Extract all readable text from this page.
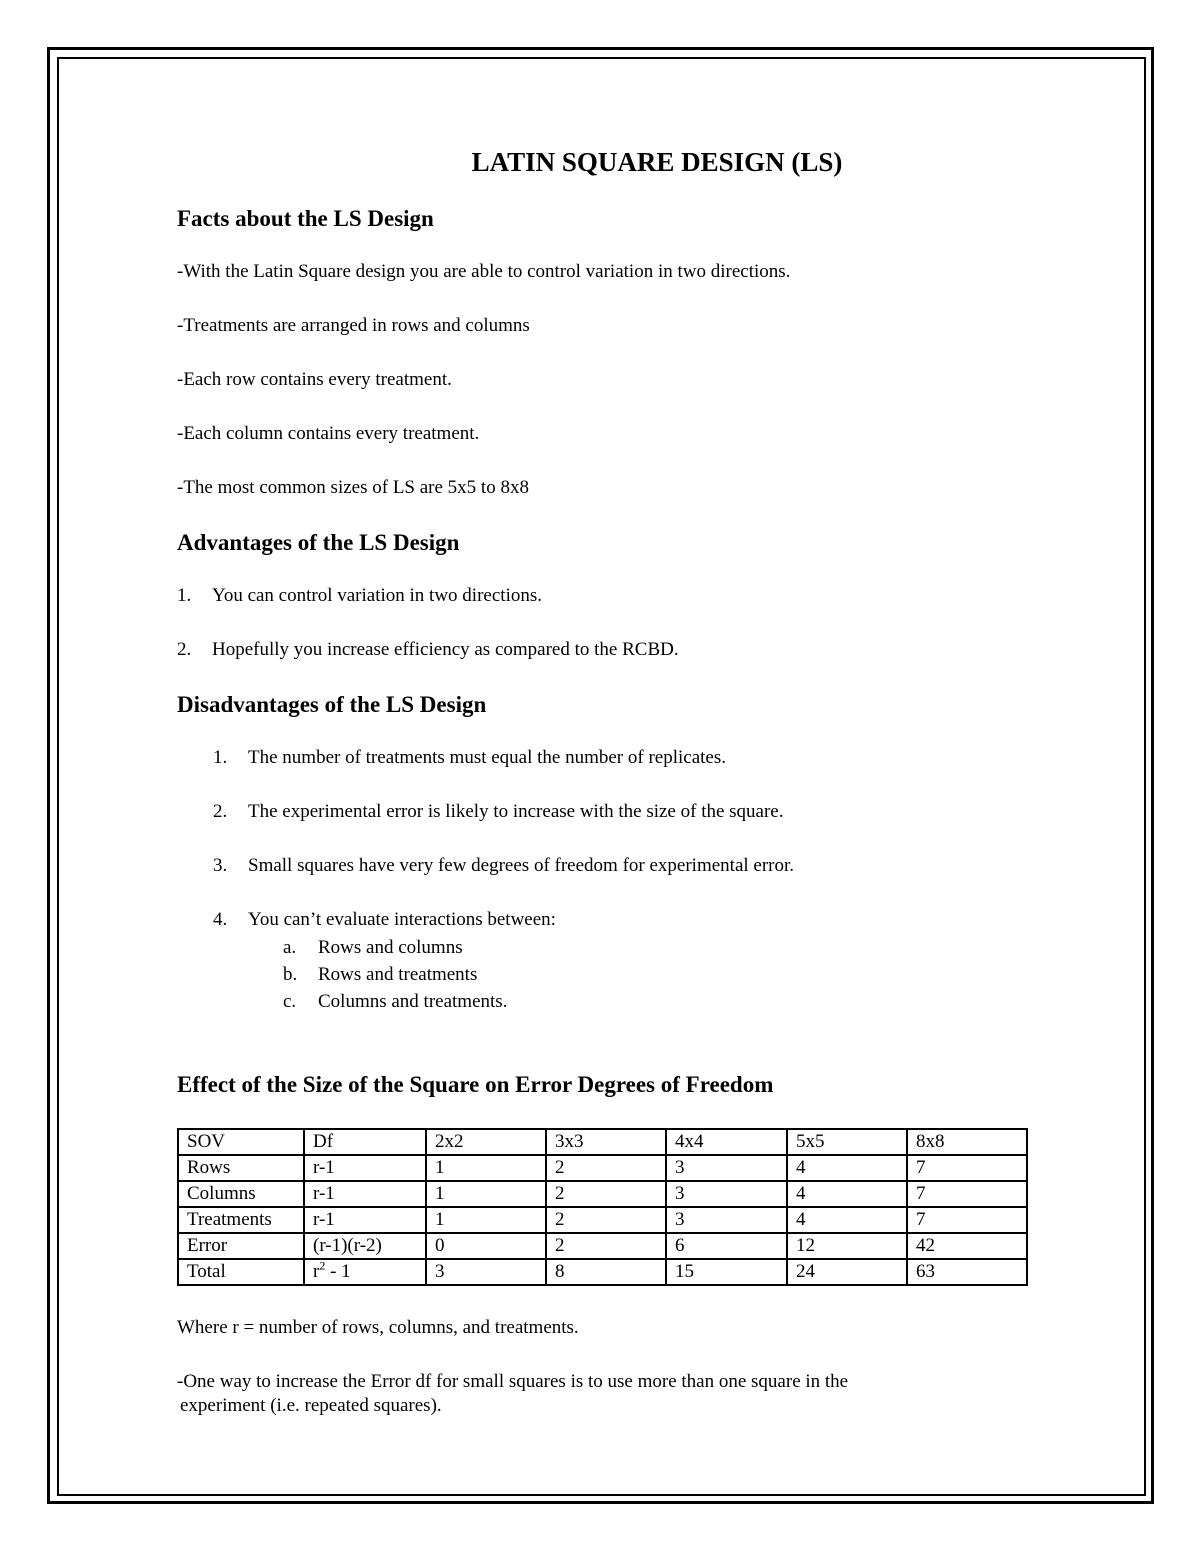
LATIN SQUARE DESIGN (LS)
Facts about the LS Design

-With the Latin Square design you are able to control variation in two directions.

-Treatments are arranged in rows and columns

-Each row contains every treatment.

-Each column contains every treatment.

-The most common sizes of LS are 5x5 to 8x8

Advantages of the LS Design
1. You can control variation in two directions.
2. Hopefully you increase efficiency as compared to the RCBD.
Disadvantages of the LS Design
1. The number of treatments must equal the number of replicates.
2. The experimental error is likely to increase with the size of the square.
3. Small squares have very few degrees of freedom for experimental error.
4. You can’t evaluate interactions between:
a. Rows and columns
b. Rows and treatments
c. Columns and treatments.
Effect of the Size of the Square on Error Degrees of Freedom
SOV	Df	2x2	3x3	4x4	5x5	8x8
Rows	r-1	1	2	3	4	7
Columns	r-1	1	2	3	4	7
Treatments	r-1	1	2	3	4	7
Error	(r-1)(r-2)	0	2	6	12	42
Total	$r^2 - 1$	3	8	15	24	63

Where r = number of rows, columns, and treatments.

-One way to increase the Error df for small squares is to use more than one square in the
experiment (i.e. repeated squares).
